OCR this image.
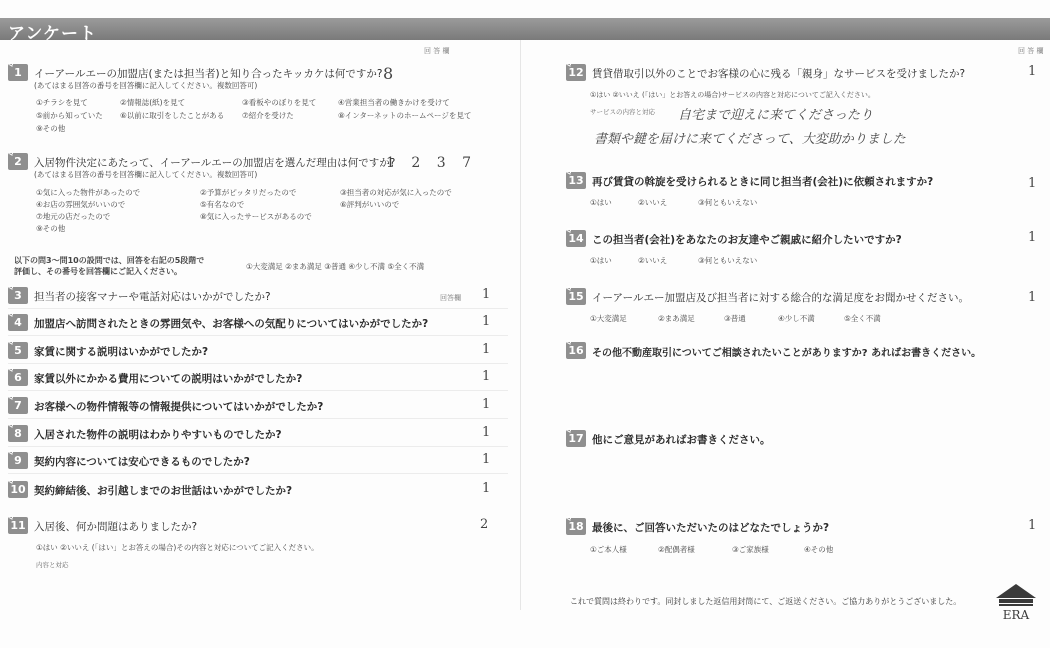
アンケート
回 答 欄
Q
1	イーアールエーの加盟店(または担当者)と知り合ったキッカケは何ですか?
(あてはまる回答の番号を回答欄に記入してください。複数回答可)
8
①チラシを見て	②情報誌(紙)を見て	③看板やのぼりを見て	④営業担当者の働きかけを受けて
⑤前から知っていた ⑥以前に取引をしたことがある ⑦紹介を受けた	⑧インターネットのホームページを見て
⑨その他
Q
2	入居物件決定にあたって、イーアールエーの加盟店を選んだ理由は何ですか?
(あてはまる回答の番号を回答欄に記入してください。複数回答可)
1 2 3 7
①気に入った物件があったので	②予算がピッタリだったので	③担当者の対応が気に入ったので
④お店の雰囲気がいいので	⑤有名なので	⑥評判がいいので
⑦地元の店だったので	⑧気に入ったサービスがあるので
⑨その他
以下の問3〜問10の設問では、回答を右記の5段階で
評価し、その番号を回答欄にご記入ください。
①大変満足 ②まあ満足 ③普通 ④少し不満 ⑤全く不満
Q
3	担当者の接客マナーや電話対応はいかがでしたか?	回答欄 1
Q
4	加盟店へ訪問されたときの雰囲気や、お客様への気配りについてはいかがでしたか?	1
Q
5	家賃に関する説明はいかがでしたか?	1
Q
6	家賃以外にかかる費用についての説明はいかがでしたか?	1
Q
7	お客様への物件情報等の情報提供についてはいかがでしたか?	1
Q
8	入居された物件の説明はわかりやすいものでしたか?	1
Q
9	契約内容については安心できるものでしたか?	1
Q
10 契約締結後、お引越しまでのお世話はいかがでしたか?	1
Q
11 入居後、何か問題はありましたか?	2
①はい ②いいえ (「はい」とお答えの場合)その内容と対応についてご記入ください。
内容と対応
回 答 欄
Q
12 賃貸借取引以外のことでお客様の心に残る「親身」なサービスを受けましたか?	1
①はい ②いいえ (「はい」とお答えの場合)サービスの内容と対応についてご記入ください。
サービスの内容と対応 自宅まで迎えに来てくださったり
書類や鍵を届けに来てくださって、大変助かりました
Q
13 再び賃貸の斡旋を受けられるときに同じ担当者(会社)に依頼されますか?	1
①はい	②いいえ	③何ともいえない
Q
14 この担当者(会社)をあなたのお友達やご親戚に紹介したいですか?	1
①はい	②いいえ	③何ともいえない
Q
15 イーアールエー加盟店及び担当者に対する総合的な満足度をお聞かせください。	1
①大変満足	②まあ満足	③普通	④少し不満	⑤全く不満
Q
16 その他不動産取引についてご相談されたいことがありますか? あればお書きください。
Q
17 他にご意見があればお書きください。
Q
18 最後に、ご回答いただいたのはどなたでしょうか?	1
①ご本人様	②配偶者様	③ご家族様	④その他
これで質問は終わりです。同封しました返信用封筒にて、ご返送ください。ご協力ありがとうございました。
ERA
